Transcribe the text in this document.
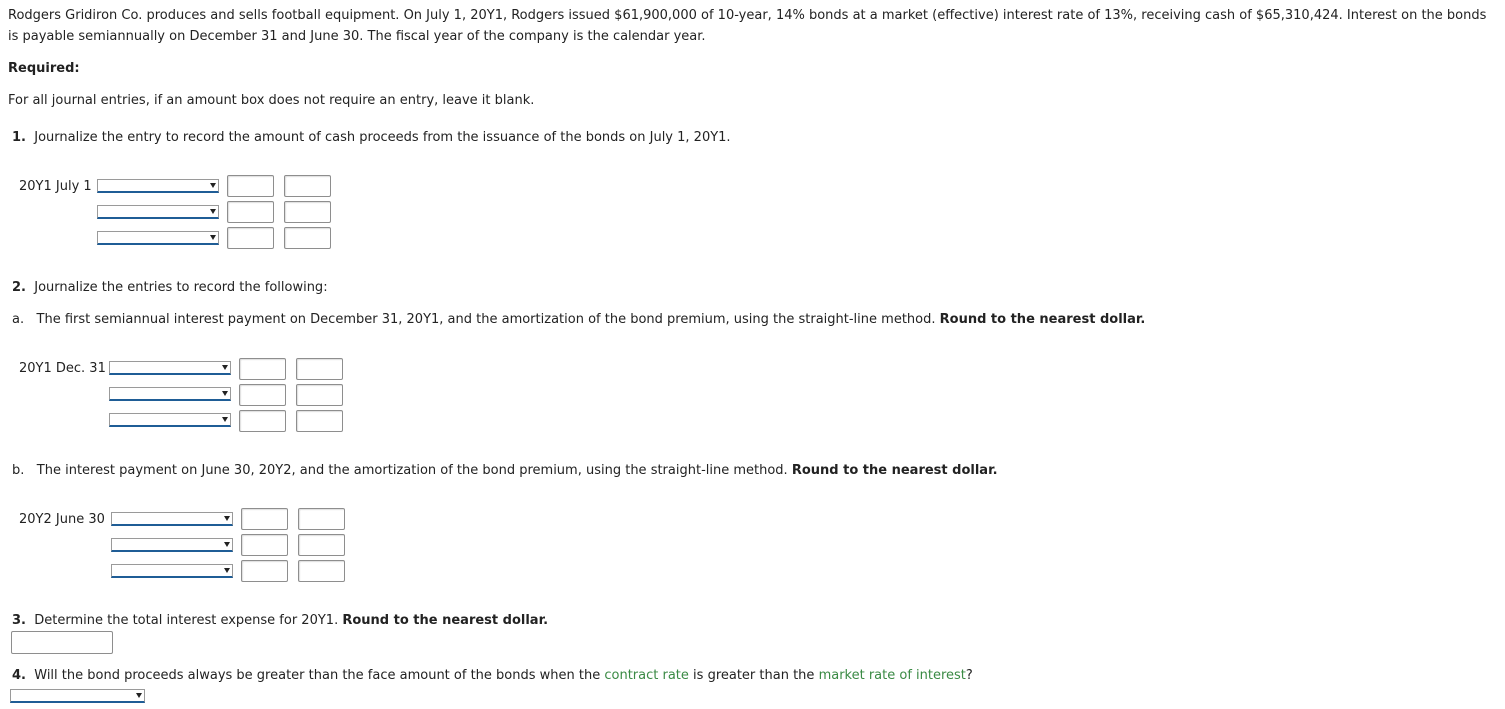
Rodgers Gridiron Co. produces and sells football equipment. On July 1, 20Y1, Rodgers issued $61,900,000 of 10-year, 14% bonds at a market (effective) interest rate of 13%, receiving cash of $65,310,424. Interest on the bonds is payable semiannually on December 31 and June 30. The fiscal year of the company is the calendar year.
Required:
For all journal entries, if an amount box does not require an entry, leave it blank.
1. Journalize the entry to record the amount of cash proceeds from the issuance of the bonds on July 1, 20Y1.
20Y1 July 1
2. Journalize the entries to record the following:
a. The first semiannual interest payment on December 31, 20Y1, and the amortization of the bond premium, using the straight-line method. Round to the nearest dollar.
20Y1 Dec. 31
b. The interest payment on June 30, 20Y2, and the amortization of the bond premium, using the straight-line method. Round to the nearest dollar.
20Y2 June 30
3. Determine the total interest expense for 20Y1. Round to the nearest dollar.
4. Will the bond proceeds always be greater than the face amount of the bonds when the contract rate is greater than the market rate of interest?
